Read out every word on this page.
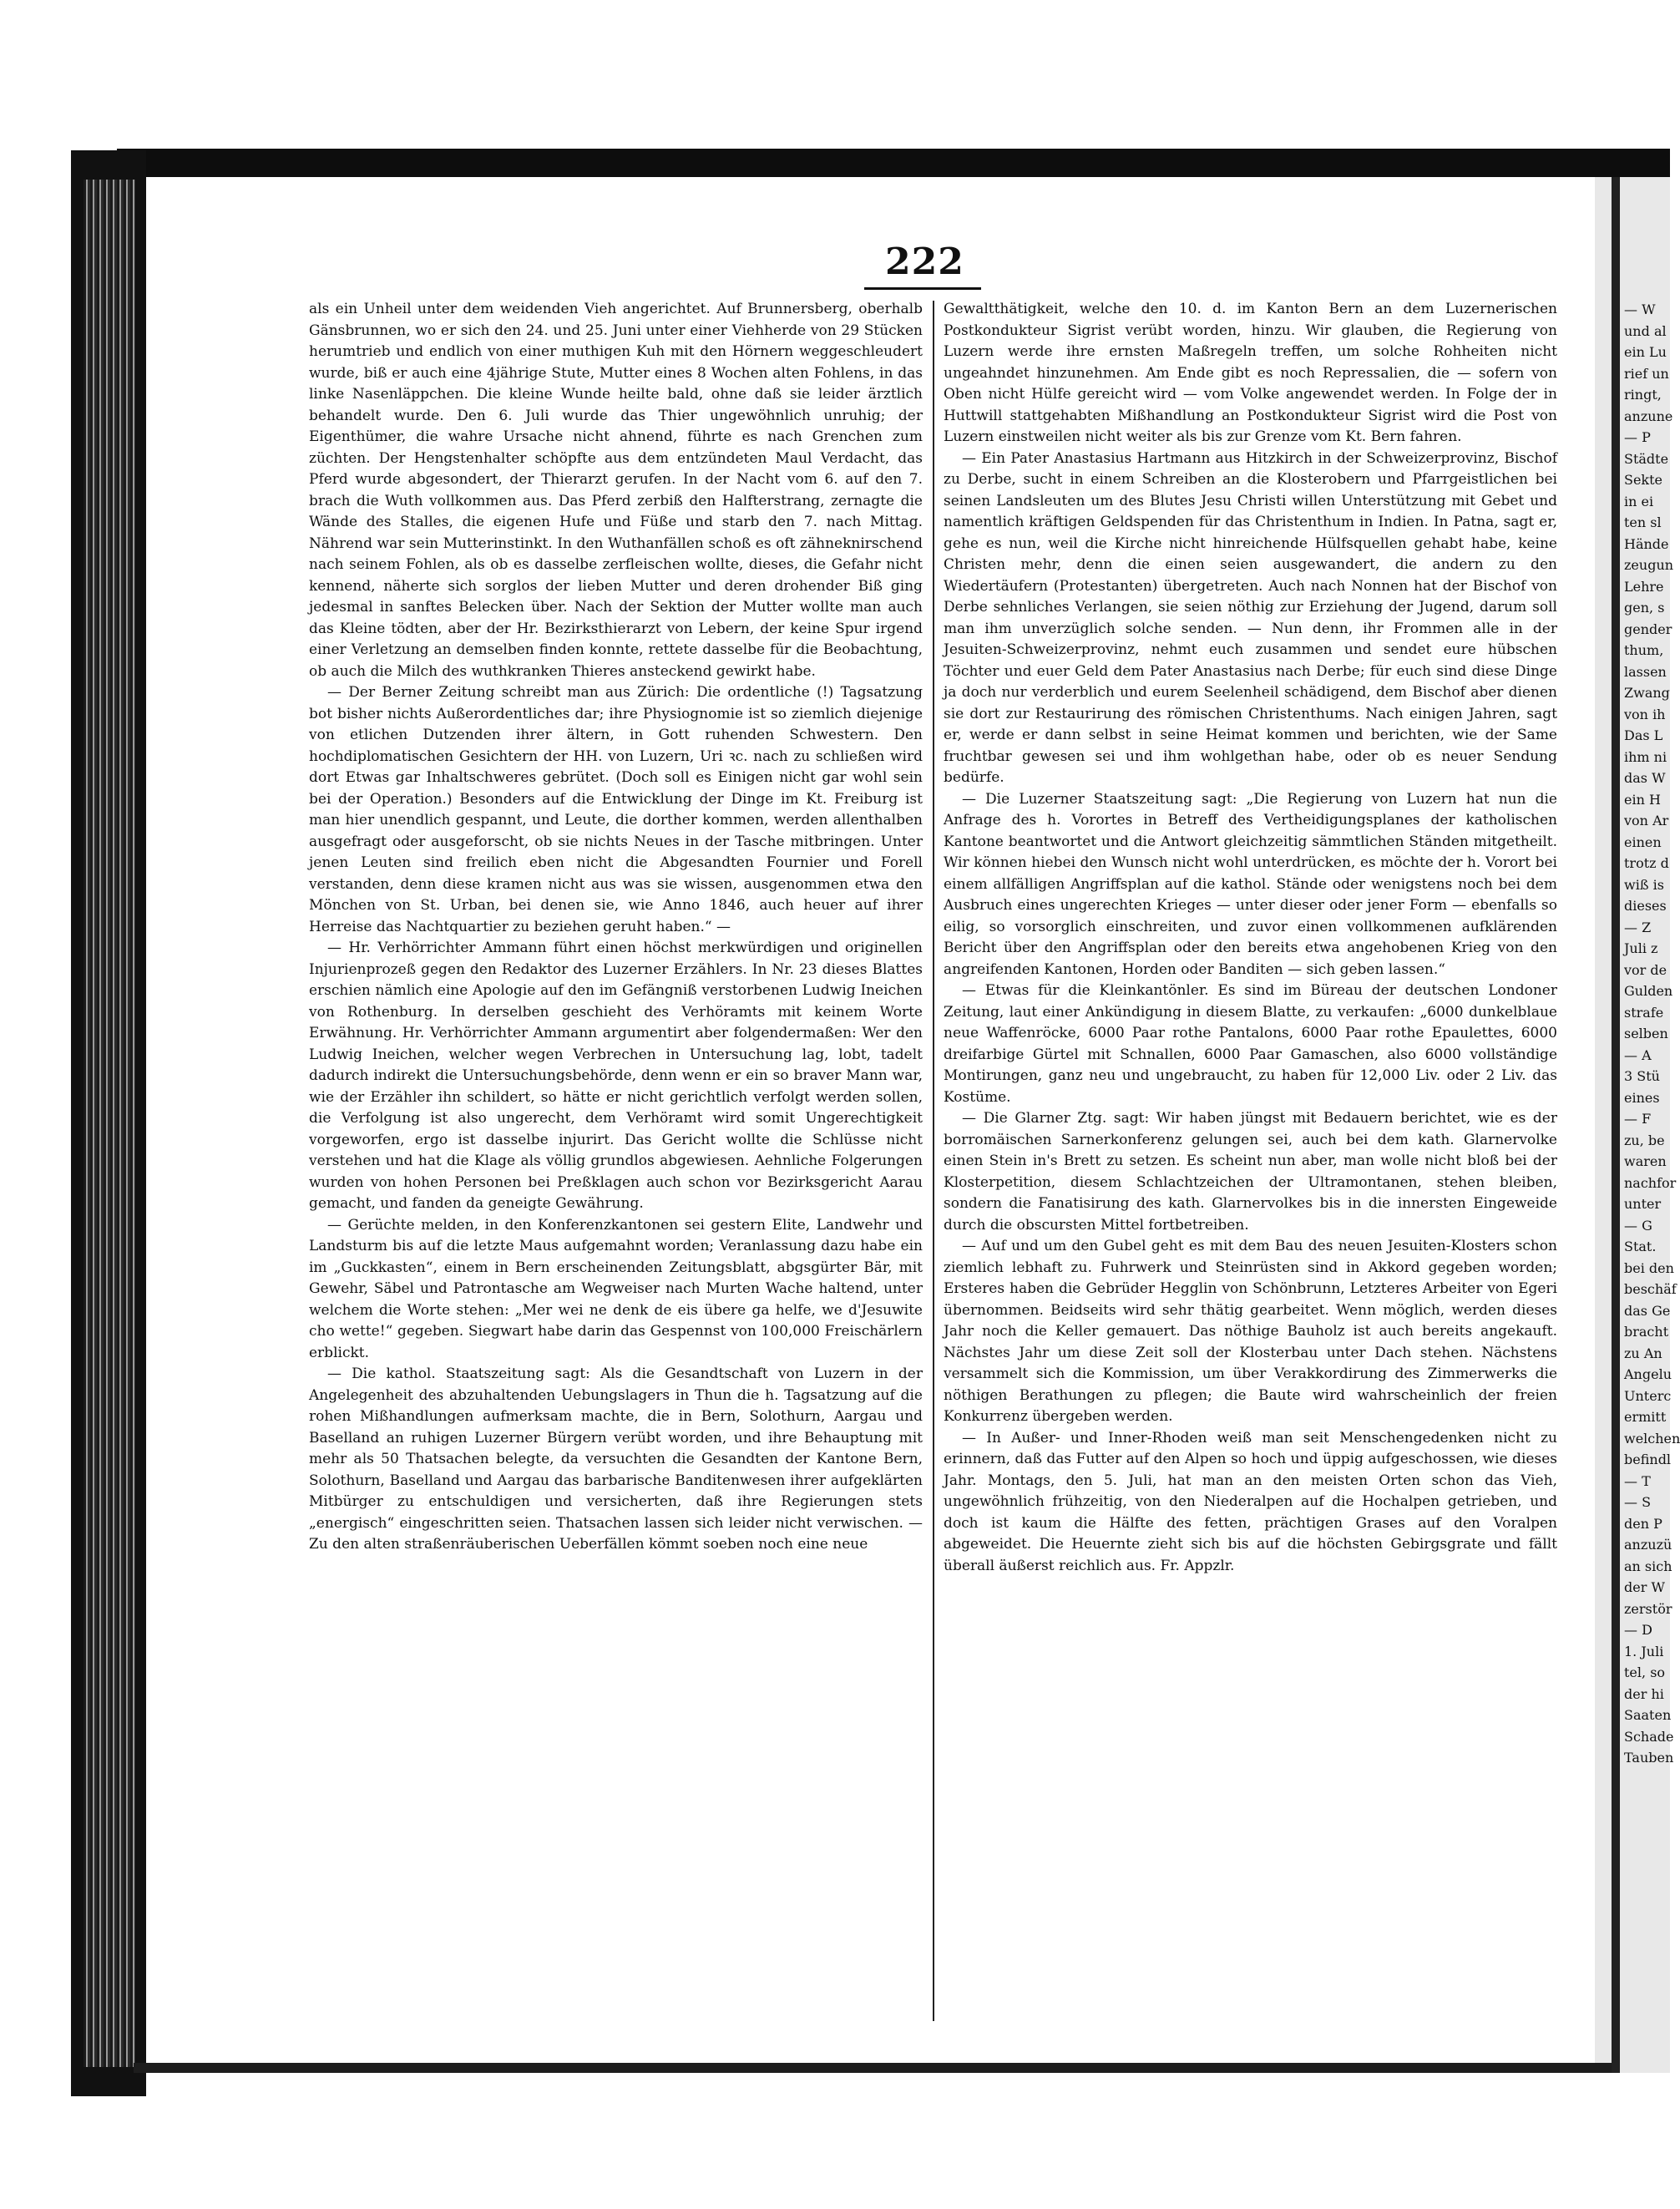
222

als ein Unheil unter dem weidenden Vieh angerichtet. Auf Brunnersberg, oberhalb Gänsbrunnen, wo er sich den 24. und 25. Juni unter einer Viehherde von 29 Stücken herumtrieb und endlich von einer muthigen Kuh mit den Hörnern weggeschleudert wurde, biß er auch eine 4jährige Stute, Mutter eines 8 Wochen alten Fohlens, in das linke Nasenläppchen. Die kleine Wunde heilte bald, ohne daß sie leider ärztlich behandelt wurde. Den 6. Juli wurde das Thier ungewöhnlich unruhig; der Eigenthümer, die wahre Ursache nicht ahnend, führte es nach Grenchen zum züchten. Der Hengstenhalter schöpfte aus dem entzündeten Maul Verdacht, das Pferd wurde abgesondert, der Thierarzt gerufen. In der Nacht vom 6. auf den 7. brach die Wuth vollkommen aus. Das Pferd zerbiß den Halfterstrang, zernagte die Wände des Stalles, die eigenen Hufe und Füße und starb den 7. nach Mittag. Nährend war sein Mutterinstinkt. In den Wuthanfällen schoß es oft zähneknirschend nach seinem Fohlen, als ob es dasselbe zerfleischen wollte, dieses, die Gefahr nicht kennend, näherte sich sorglos der lieben Mutter und deren drohender Biß ging jedesmal in sanftes Belecken über. Nach der Sektion der Mutter wollte man auch das Kleine tödten, aber der Hr. Bezirksthierarzt von Lebern, der keine Spur irgend einer Verletzung an demselben finden konnte, rettete dasselbe für die Beobachtung, ob auch die Milch des wuthkranken Thieres ansteckend gewirkt habe.

— Der Berner Zeitung schreibt man aus Zürich: Die ordentliche (!) Tagsatzung bot bisher nichts Außerordentliches dar; ihre Physiognomie ist so ziemlich diejenige von etlichen Dutzenden ihrer ältern, in Gott ruhenden Schwestern. Den hochdiplomatischen Gesichtern der HH. von Luzern, Uri ꝛc. nach zu schließen wird dort Etwas gar Inhaltschweres gebrütet. (Doch soll es Einigen nicht gar wohl sein bei der Operation.) Besonders auf die Entwicklung der Dinge im Kt. Freiburg ist man hier unendlich gespannt, und Leute, die dorther kommen, werden allenthalben ausgefragt oder ausgeforscht, ob sie nichts Neues in der Tasche mitbringen. Unter jenen Leuten sind freilich eben nicht die Abgesandten Fournier und Forell verstanden, denn diese kramen nicht aus was sie wissen, ausgenommen etwa den Mönchen von St. Urban, bei denen sie, wie Anno 1846, auch heuer auf ihrer Herreise das Nachtquartier zu beziehen geruht haben.“ —

— Hr. Verhörrichter Ammann führt einen höchst merkwürdigen und originellen Injurienprozeß gegen den Redaktor des Luzerner Erzählers. In Nr. 23 dieses Blattes erschien nämlich eine Apologie auf den im Gefängniß verstorbenen Ludwig Ineichen von Rothenburg. In derselben geschieht des Verhöramts mit keinem Worte Erwähnung. Hr. Verhörrichter Ammann argumentirt aber folgendermaßen: Wer den Ludwig Ineichen, welcher wegen Verbrechen in Untersuchung lag, lobt, tadelt dadurch indirekt die Untersuchungsbehörde, denn wenn er ein so braver Mann war, wie der Erzähler ihn schildert, so hätte er nicht gerichtlich verfolgt werden sollen, die Verfolgung ist also ungerecht, dem Verhöramt wird somit Ungerechtigkeit vorgeworfen, ergo ist dasselbe injurirt. Das Gericht wollte die Schlüsse nicht verstehen und hat die Klage als völlig grundlos abgewiesen. Aehnliche Folgerungen wurden von hohen Personen bei Preßklagen auch schon vor Bezirksgericht Aarau gemacht, und fanden da geneigte Gewährung.

— Gerüchte melden, in den Konferenzkantonen sei gestern Elite, Landwehr und Landsturm bis auf die letzte Maus aufgemahnt worden; Veranlassung dazu habe ein im „Guckkasten“, einem in Bern erscheinenden Zeitungsblatt, abgsgürter Bär, mit Gewehr, Säbel und Patrontasche am Wegweiser nach Murten Wache haltend, unter welchem die Worte stehen: „Mer wei ne denk de eis übere ga helfe, we d'Jesuwite cho wette!“ gegeben. Siegwart habe darin das Gespennst von 100,000 Freischärlern erblickt.

— Die kathol. Staatszeitung sagt: Als die Gesandtschaft von Luzern in der Angelegenheit des abzuhaltenden Uebungslagers in Thun die h. Tagsatzung auf die rohen Mißhandlungen aufmerksam machte, die in Bern, Solothurn, Aargau und Baselland an ruhigen Luzerner Bürgern verübt worden, und ihre Behauptung mit mehr als 50 Thatsachen belegte, da versuchten die Gesandten der Kantone Bern, Solothurn, Baselland und Aargau das barbarische Banditenwesen ihrer aufgeklärten Mitbürger zu entschuldigen und versicherten, daß ihre Regierungen stets „energisch“ eingeschritten seien. Thatsachen lassen sich leider nicht verwischen. — Zu den alten straßenräuberischen Ueberfällen kömmt soeben noch eine neue

Gewaltthätigkeit, welche den 10. d. im Kanton Bern an dem Luzernerischen Postkondukteur Sigrist verübt worden, hinzu. Wir glauben, die Regierung von Luzern werde ihre ernsten Maßregeln treffen, um solche Rohheiten nicht ungeahndet hinzunehmen. Am Ende gibt es noch Repressalien, die — sofern von Oben nicht Hülfe gereicht wird — vom Volke angewendet werden. In Folge der in Huttwill stattgehabten Mißhandlung an Postkondukteur Sigrist wird die Post von Luzern einstweilen nicht weiter als bis zur Grenze vom Kt. Bern fahren.

— Ein Pater Anastasius Hartmann aus Hitzkirch in der Schweizerprovinz, Bischof zu Derbe, sucht in einem Schreiben an die Klosterobern und Pfarrgeistlichen bei seinen Landsleuten um des Blutes Jesu Christi willen Unterstützung mit Gebet und namentlich kräftigen Geldspenden für das Christenthum in Indien. In Patna, sagt er, gehe es nun, weil die Kirche nicht hinreichende Hülfsquellen gehabt habe, keine Christen mehr, denn die einen seien ausgewandert, die andern zu den Wiedertäufern (Protestanten) übergetreten. Auch nach Nonnen hat der Bischof von Derbe sehnliches Verlangen, sie seien nöthig zur Erziehung der Jugend, darum soll man ihm unverzüglich solche senden. — Nun denn, ihr Frommen alle in der Jesuiten-Schweizerprovinz, nehmt euch zusammen und sendet eure hübschen Töchter und euer Geld dem Pater Anastasius nach Derbe; für euch sind diese Dinge ja doch nur verderblich und eurem Seelenheil schädigend, dem Bischof aber dienen sie dort zur Restaurirung des römischen Christenthums. Nach einigen Jahren, sagt er, werde er dann selbst in seine Heimat kommen und berichten, wie der Same fruchtbar gewesen sei und ihm wohlgethan habe, oder ob es neuer Sendung bedürfe.

— Die Luzerner Staatszeitung sagt: „Die Regierung von Luzern hat nun die Anfrage des h. Vorortes in Betreff des Vertheidigungsplanes der katholischen Kantone beantwortet und die Antwort gleichzeitig sämmtlichen Ständen mitgetheilt. Wir können hiebei den Wunsch nicht wohl unterdrücken, es möchte der h. Vorort bei einem allfälligen Angriffsplan auf die kathol. Stände oder wenigstens noch bei dem Ausbruch eines ungerechten Krieges — unter dieser oder jener Form — ebenfalls so eilig, so vorsorglich einschreiten, und zuvor einen vollkommenen aufklärenden Bericht über den Angriffsplan oder den bereits etwa angehobenen Krieg von den angreifenden Kantonen, Horden oder Banditen — sich geben lassen.“

— Etwas für die Kleinkantönler. Es sind im Büreau der deutschen Londoner Zeitung, laut einer Ankündigung in diesem Blatte, zu verkaufen: „6000 dunkelblaue neue Waffenröcke, 6000 Paar rothe Pantalons, 6000 Paar rothe Epaulettes, 6000 dreifarbige Gürtel mit Schnallen, 6000 Paar Gamaschen, also 6000 vollständige Montirungen, ganz neu und ungebraucht, zu haben für 12,000 Liv. oder 2 Liv. das Kostüme.

— Die Glarner Ztg. sagt: Wir haben jüngst mit Bedauern berichtet, wie es der borromäischen Sarnerkonferenz gelungen sei, auch bei dem kath. Glarnervolke einen Stein in's Brett zu setzen. Es scheint nun aber, man wolle nicht bloß bei der Klosterpetition, diesem Schlachtzeichen der Ultramontanen, stehen bleiben, sondern die Fanatisirung des kath. Glarnervolkes bis in die innersten Eingeweide durch die obscursten Mittel fortbetreiben.

— Auf und um den Gubel geht es mit dem Bau des neuen Jesuiten-Klosters schon ziemlich lebhaft zu. Fuhrwerk und Steinrüsten sind in Akkord gegeben worden; Ersteres haben die Gebrüder Hegglin von Schönbrunn, Letzteres Arbeiter von Egeri übernommen. Beidseits wird sehr thätig gearbeitet. Wenn möglich, werden dieses Jahr noch die Keller gemauert. Das nöthige Bauholz ist auch bereits angekauft. Nächstes Jahr um diese Zeit soll der Klosterbau unter Dach stehen. Nächstens versammelt sich die Kommission, um über Verakkordirung des Zimmerwerks die nöthigen Berathungen zu pflegen; die Baute wird wahrscheinlich der freien Konkurrenz übergeben werden.

— In Außer- und Inner-Rhoden weiß man seit Menschengedenken nicht zu erinnern, daß das Futter auf den Alpen so hoch und üppig aufgeschossen, wie dieses Jahr. Montags, den 5. Juli, hat man an den meisten Orten schon das Vieh, ungewöhnlich frühzeitig, von den Niederalpen auf die Hochalpen getrieben, und doch ist kaum die Hälfte des fetten, prächtigen Grases auf den Voralpen abgeweidet. Die Heuernte zieht sich bis auf die höchsten Gebirgsgrate und fällt überall äußerst reichlich aus. Fr. Appzlr.

— W
und al
ein Lu
rief un
ringt,
anzune
— P
Städte
Sekte
in ei
ten sl
Hände
zeugun
Lehre
gen, s
gender
thum,
lassen
Zwang
von ih
Das L
ihm ni
das W
ein H
von Ar
einen
trotz d
wiß is
dieses
— Z
Juli z
vor de
Gulden
strafe
selben
— A
3 Stü
eines
— F
zu, be
waren
nachfor
unter
— G
Stat.
bei den
beschäf
das Ge
bracht
zu An
Angelu
Unterc
ermitt
welchen
befindl
— T
— S
den P
anzuzü
an sich
der W
zerstör
— D
1. Juli
tel, so
der hi
Saaten
Schade
Tauben
